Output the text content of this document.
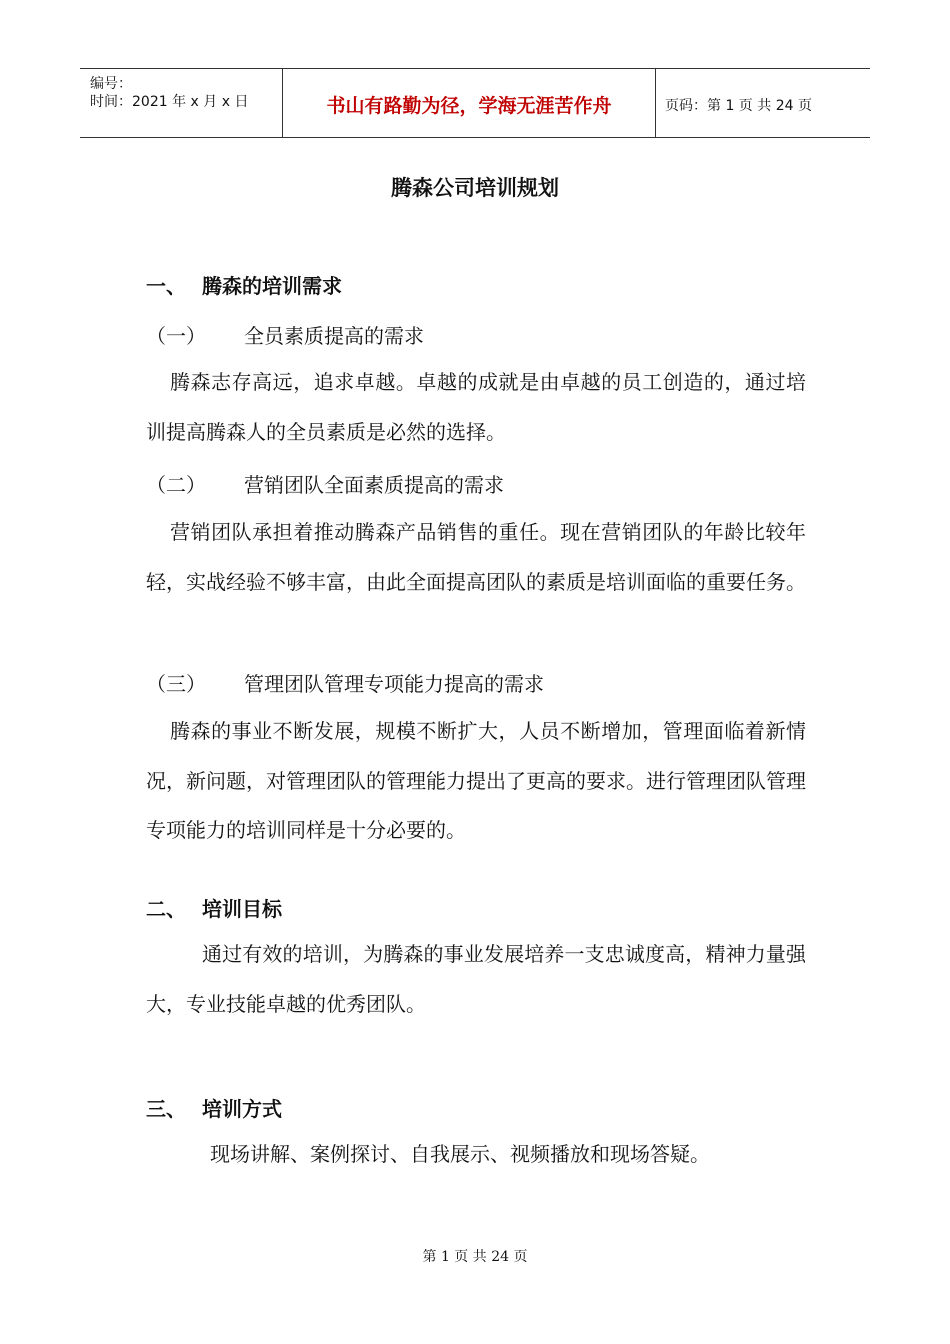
编号：
时间：2021 年 x 月 x 日	书山有路勤为径，学海无涯苦作舟	页码：第 1 页 共 24 页
腾森公司培训规划
一、 腾森的培训需求
（一） 全员素质提高的需求

腾森志存高远，追求卓越。卓越的成就是由卓越的员工创造的，通过培训提高腾森人的全员素质是必然的选择。

（二） 营销团队全面素质提高的需求

营销团队承担着推动腾森产品销售的重任。现在营销团队的年龄比较年轻，实战经验不够丰富，由此全面提高团队的素质是培训面临的重要任务。

（三） 管理团队管理专项能力提高的需求

腾森的事业不断发展，规模不断扩大，人员不断增加，管理面临着新情况，新问题，对管理团队的管理能力提出了更高的要求。进行管理团队管理专项能力的培训同样是十分必要的。

二、 培训目标

通过有效的培训，为腾森的事业发展培养一支忠诚度高，精神力量强大，专业技能卓越的优秀团队。

三、 培训方式

现场讲解、案例探讨、自我展示、视频播放和现场答疑。

第 1 页 共 24 页
